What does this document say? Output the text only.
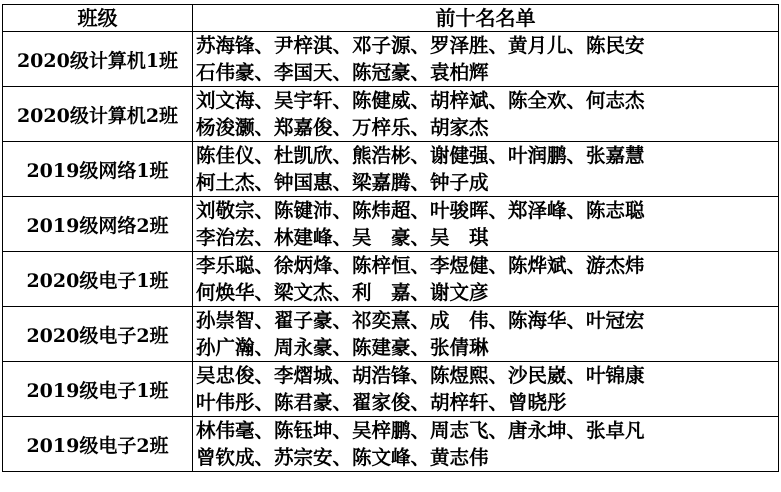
班级	前十名名单
2020级计算机1班	苏海锋、尹梓淇、邓子源、罗泽胜、黄月儿、陈民安
石伟豪、李国天、陈冠豪、袁柏辉

2020级计算机2班	刘文海、吴宇轩、陈健威、胡梓斌、陈全欢、何志杰
杨浚灏、郑嘉俊、万梓乐、胡家杰

2019级网络1班	陈佳仪、杜凯欣、熊浩彬、谢健强、叶润鹏、张嘉慧
柯土杰、钟国惠、梁嘉腾、钟子成

2019级网络2班	刘敬宗、陈键沛、陈炜超、叶骏晖、郑泽峰、陈志聪
李治宏、林建峰、吴　豪、吴　琪

2020级电子1班	李乐聪、徐炳烽、陈梓恒、李煜健、陈烨斌、游杰炜
何焕华、梁文杰、利　嘉、谢文彦

2020级电子2班	孙崇智、翟子豪、祁奕熹、成　伟、陈海华、叶冠宏
孙广瀚、周永豪、陈建豪、张倩琳

2019级电子1班	吴忠俊、李熠城、胡浩锋、陈煜熙、沙民崴、叶锦康
叶伟彤、陈君豪、翟家俊、胡梓轩、曾晓彤

2019级电子2班	林伟毫、陈钰坤、吴梓鹏、周志飞、唐永坤、张卓凡
曾钦成、苏宗安、陈文峰、黄志伟
